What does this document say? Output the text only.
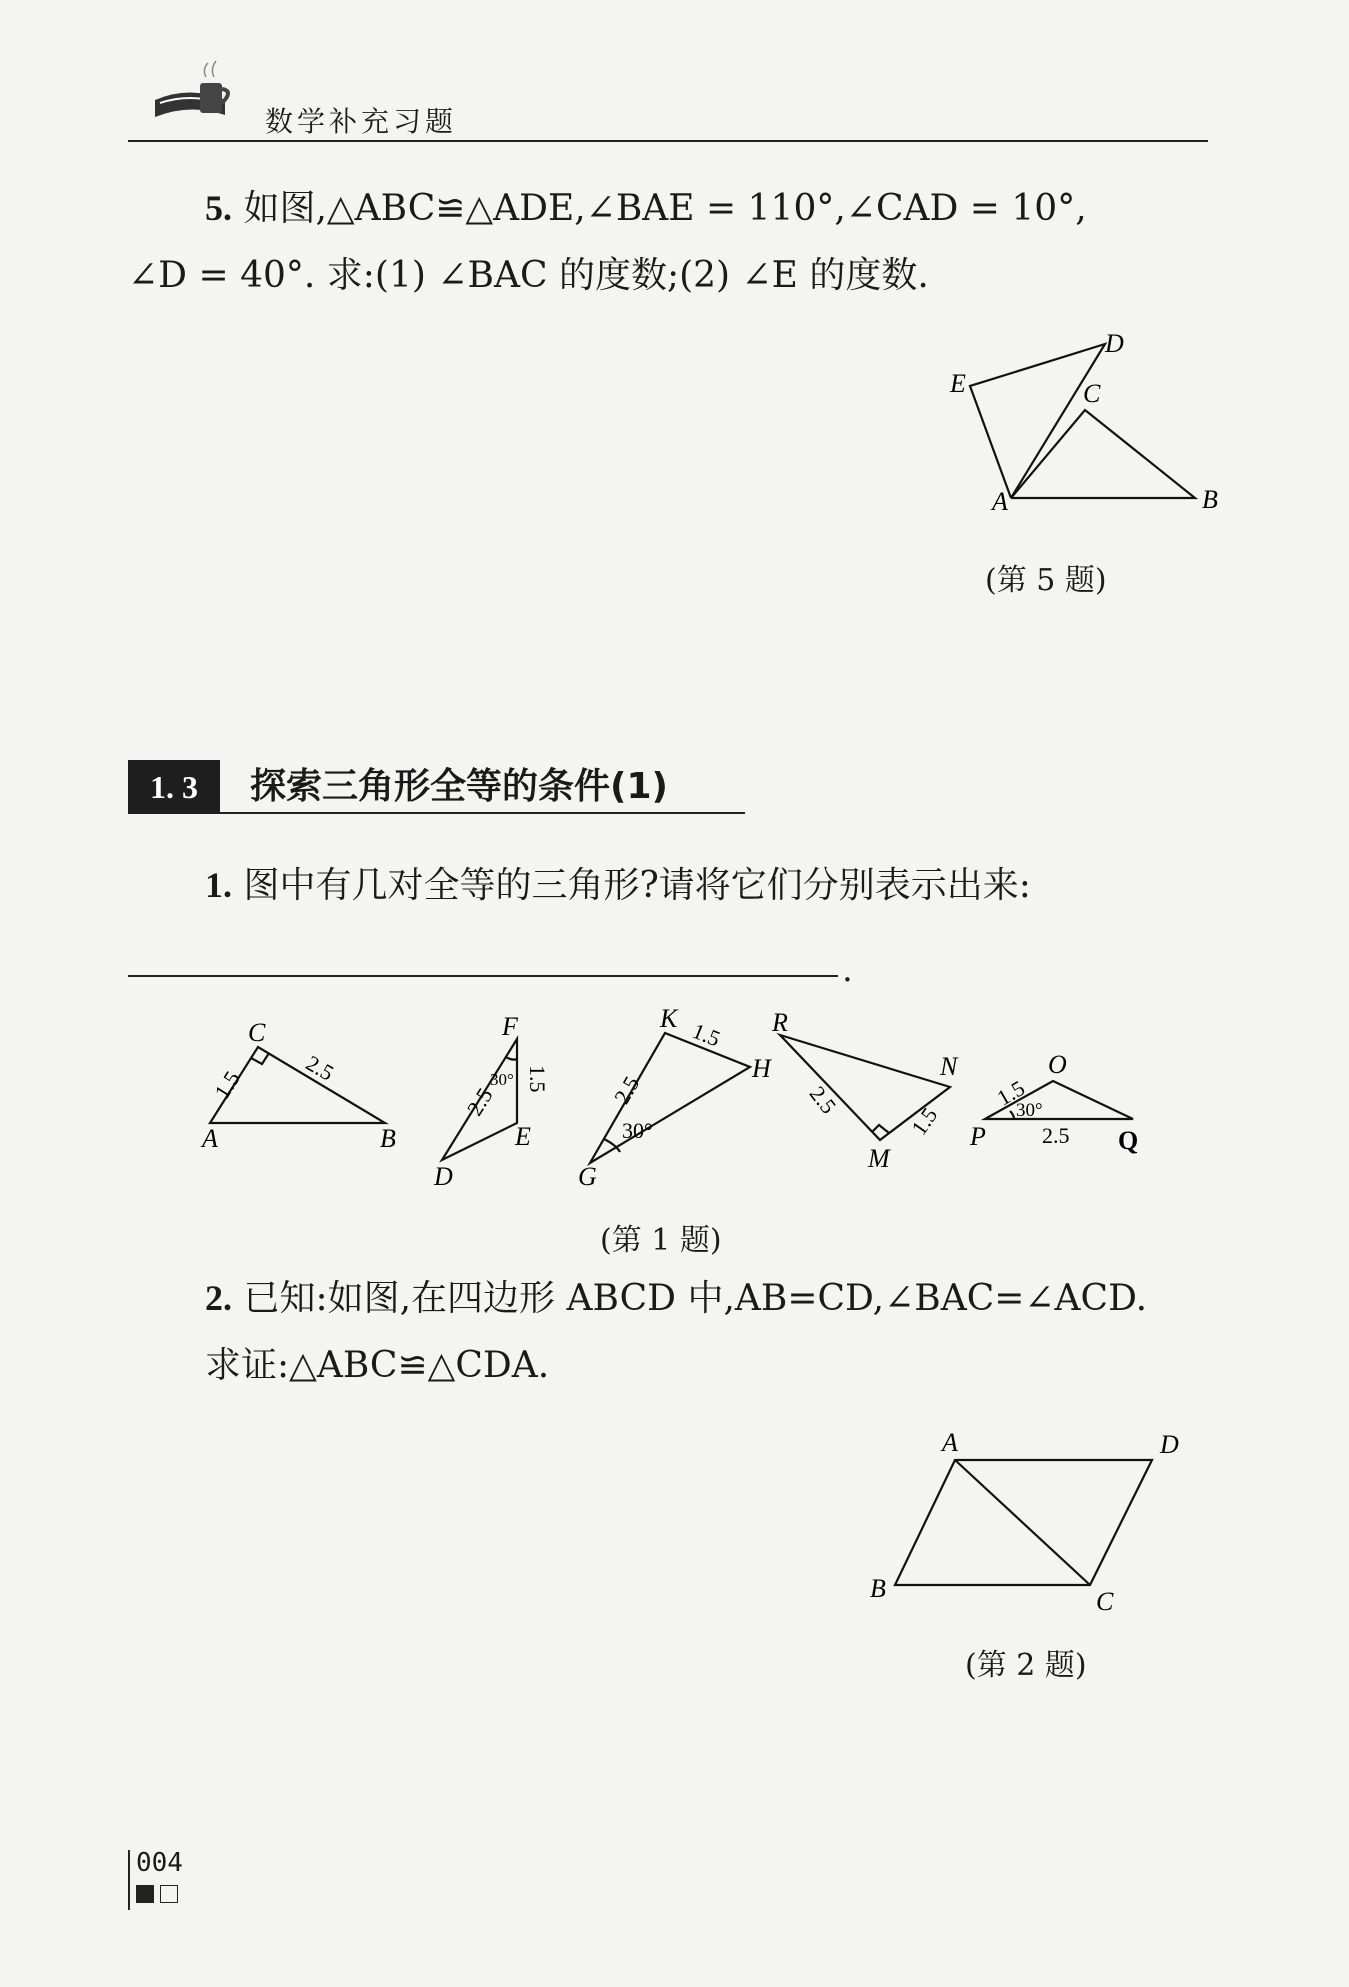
数学补充习题
5. 如图,△ABC≌△ADE,∠BAE = 110°,∠CAD = 10°,
∠D = 40°. 求:(1) ∠BAC 的度数;(2) ∠E 的度数.
A	B
C
D
E
(第 5 题)
1. 3	探索三角形全等的条件(1)
1. 图中有几对全等的三角形?请将它们分别表示出来:
.
A	B
C
1.5	2.5
F
E
D
2.5
1.5
30°
K
H
G
1.5
2.5
30°
R
N
M
2.5
1.5
O
P	Q
1.5
2.5
30°
(第 1 题)
2. 已知:如图,在四边形 ABCD 中,AB=CD,∠BAC=∠ACD.
求证:△ABC≌△CDA.
A	D
B	C
(第 2 题)
004
